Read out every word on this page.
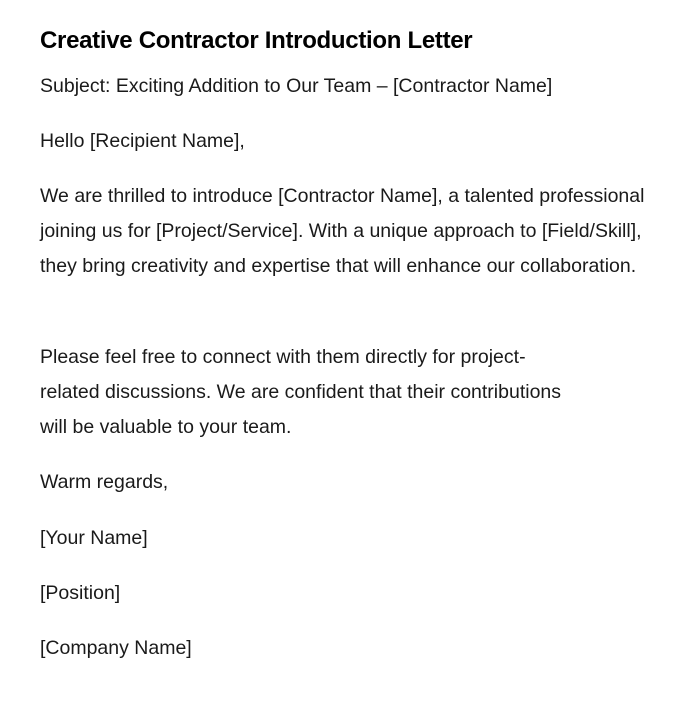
Creative Contractor Introduction Letter

Subject: Exciting Addition to Our Team – [Contractor Name]

Hello [Recipient Name],

We are thrilled to introduce [Contractor Name], a talented professional joining us for [Project/Service]. With a unique approach to [Field/Skill], they bring creativity and expertise that will enhance our collaboration.

Please feel free to connect with them directly for project-related discussions. We are confident that their contributions will be valuable to your team.

Warm regards,

[Your Name]

[Position]

[Company Name]
